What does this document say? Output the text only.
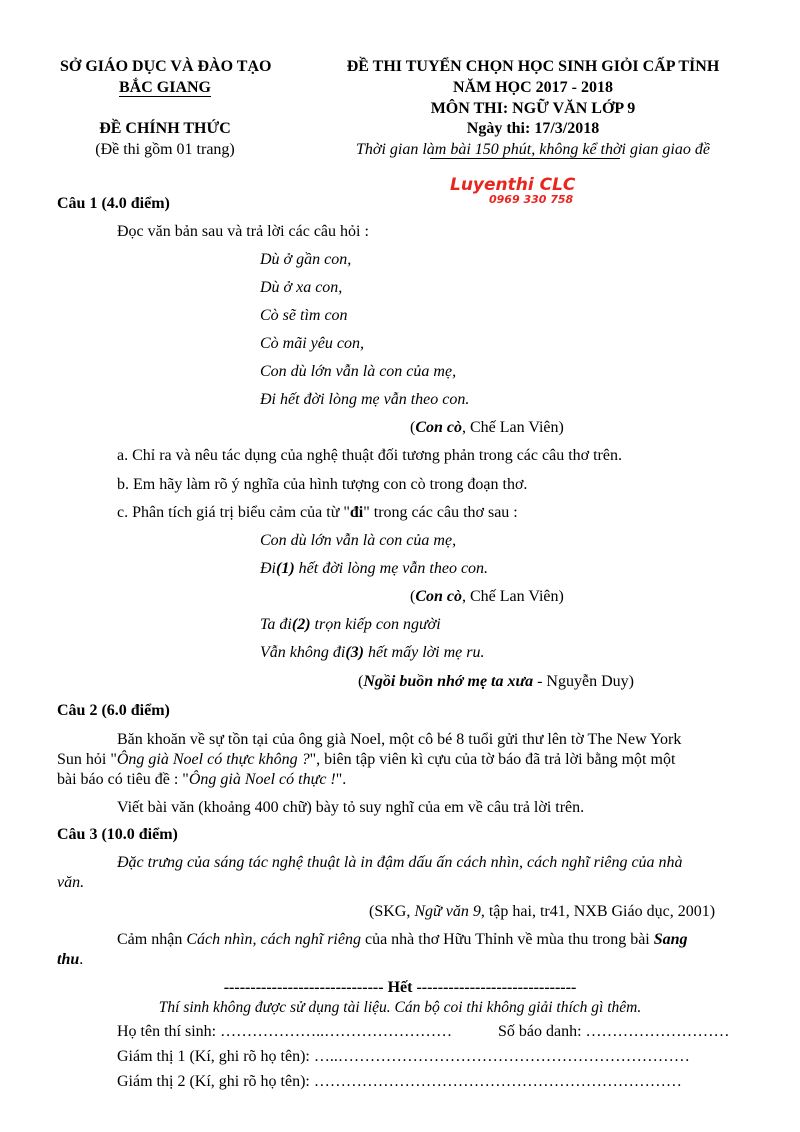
SỞ GIÁO DỤC VÀ ĐÀO TẠO
BẮC GIANG
ĐỀ CHÍNH THỨC
(Đề thi gồm 01 trang)
ĐỀ THI TUYỂN CHỌN HỌC SINH GIỎI CẤP TỈNH
NĂM HỌC 2017 - 2018
MÔN THI: NGỮ VĂN LỚP 9
Ngày thi: 17/3/2018
Thời gian làm bài 150 phút, không kể thời gian giao đề
Luyenthi CLC
0969 330 758
Câu 1 (4.0 điểm)
Đọc văn bản sau và trả lời các câu hỏi :
Dù ở gần con,
Dù ở xa con,
Cò sẽ tìm con
Cò mãi yêu con,
Con dù lớn vẫn là con của mẹ,
Đi hết đời lòng mẹ vẫn theo con.
(Con cò, Chế Lan Viên)
a. Chỉ ra và nêu tác dụng của nghệ thuật đối tương phản trong các câu thơ trên.
b. Em hãy làm rõ ý nghĩa của hình tượng con cò trong đoạn thơ.
c. Phân tích giá trị biểu cảm của từ "đi" trong các câu thơ sau :
Con dù lớn vẫn là con của mẹ,
Đi(1) hết đời lòng mẹ vẫn theo con.
(Con cò, Chế Lan Viên)
Ta đi(2) trọn kiếp con người
Vẫn không đi(3) hết mấy lời mẹ ru.
(Ngồi buồn nhớ mẹ ta xưa - Nguyễn Duy)
Câu 2 (6.0 điểm)
Băn khoăn về sự tồn tại của ông già Noel, một cô bé 8 tuổi gửi thư lên tờ The New York
Sun hỏi "Ông già Noel có thực không ?", biên tập viên kì cựu của tờ báo đã trả lời bằng một một
bài báo có tiêu đề : "Ông già Noel có thực !".
Viết bài văn (khoảng 400 chữ) bày tỏ suy nghĩ của em về câu trả lời trên.
Câu 3 (10.0 điểm)
Đặc trưng của sáng tác nghệ thuật là in đậm dấu ấn cách nhìn, cách nghĩ riêng của nhà
văn.
(SKG, Ngữ văn 9, tập hai, tr41, NXB Giáo dục, 2001)
Cảm nhận Cách nhìn, cách nghĩ riêng của nhà thơ Hữu Thỉnh về mùa thu trong bài Sang
thu.
------------------------------ Hết ------------------------------
Thí sinh không được sử dụng tài liệu. Cán bộ coi thi không giải thích gì thêm.
Họ tên thí sinh: ………………..……………………	Số báo danh: ………………………
Giám thị 1 (Kí, ghi rõ họ tên): …..…………………………………………………………
Giám thị 2 (Kí, ghi rõ họ tên): ……………………………………………………………
